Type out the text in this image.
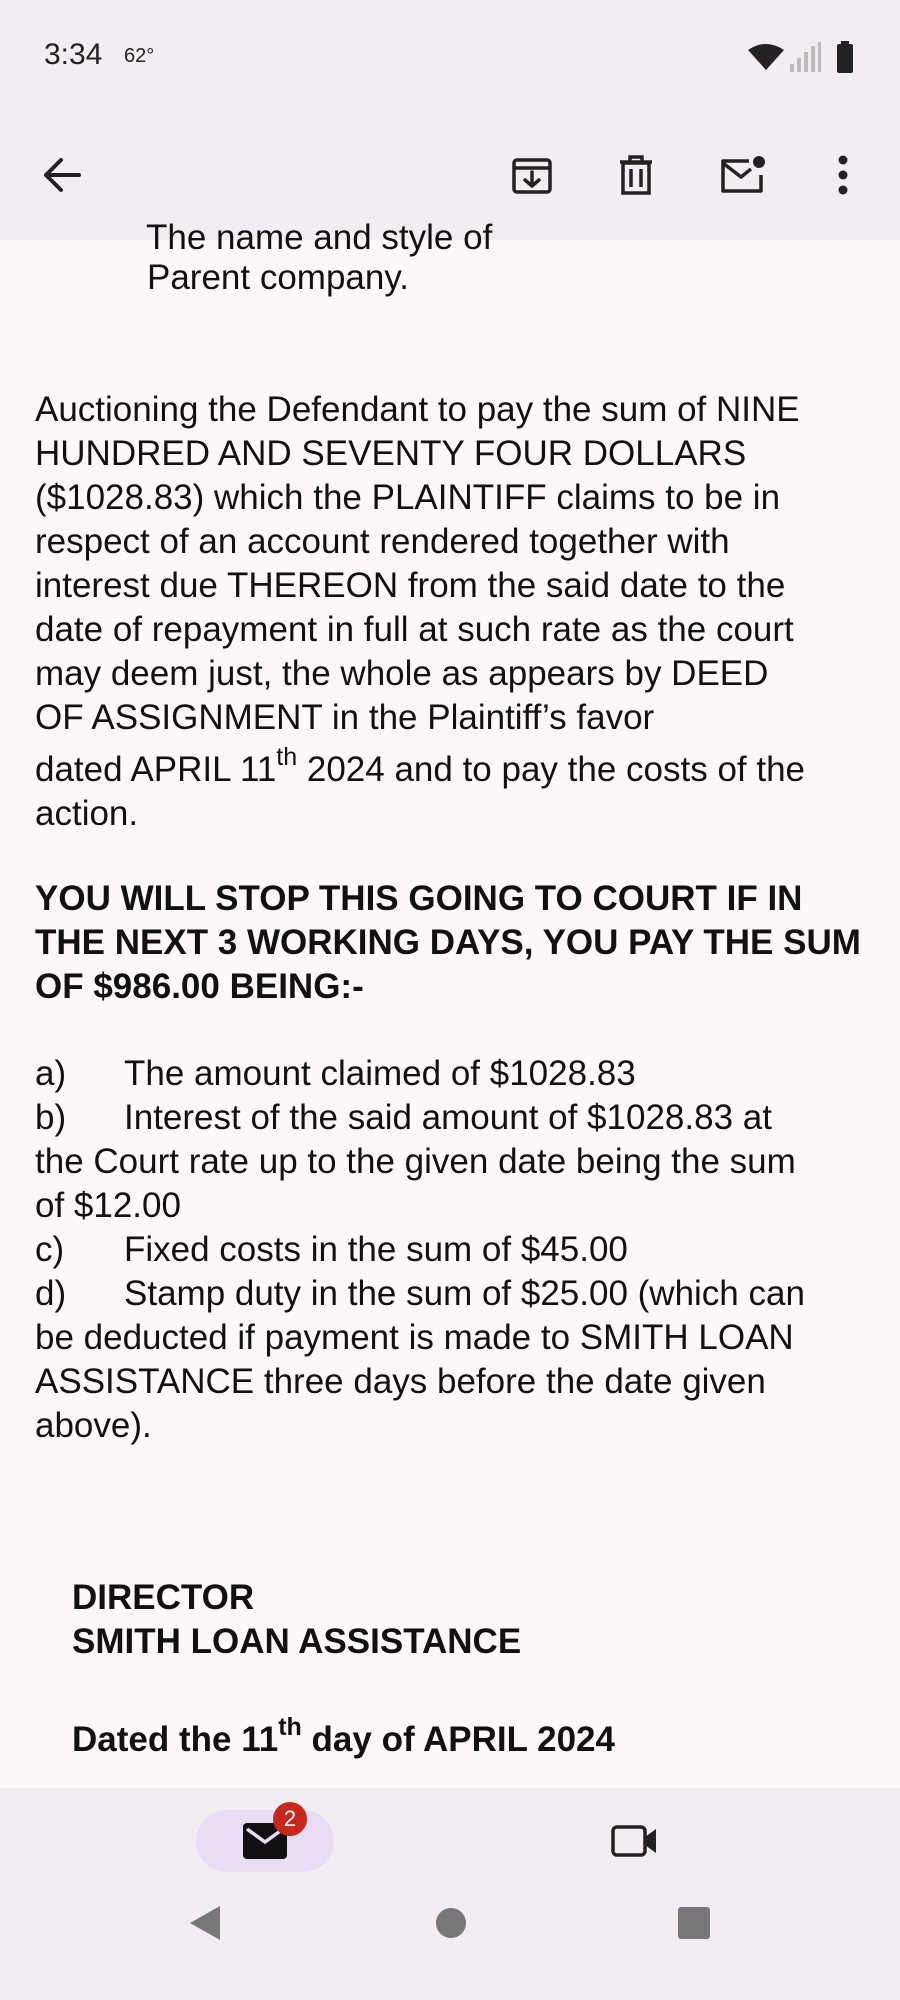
3:34 62°
The name and style of
Parent company.
Auctioning the Defendant to pay the sum of NINE
HUNDRED AND SEVENTY FOUR DOLLARS
($1028.83) which the PLAINTIFF claims to be in
respect of an account rendered together with
interest due THEREON from the said date to the
date of repayment in full at such rate as the court
may deem just, the whole as appears by DEED
OF ASSIGNMENT in the Plaintiff’s favor
dated APRIL 11th 2024 and to pay the costs of the
action.
YOU WILL STOP THIS GOING TO COURT IF IN
THE NEXT 3 WORKING DAYS, YOU PAY THE SUM
OF $986.00 BEING:-
a) The amount claimed of $1028.83
b) Interest of the said amount of $1028.83 at
the Court rate up to the given date being the sum
of $12.00
c) Fixed costs in the sum of $45.00
d) Stamp duty in the sum of $25.00 (which can
be deducted if payment is made to SMITH LOAN
ASSISTANCE three days before the date given
above).
DIRECTOR
SMITH LOAN ASSISTANCE
Dated the 11th day of APRIL 2024
2
